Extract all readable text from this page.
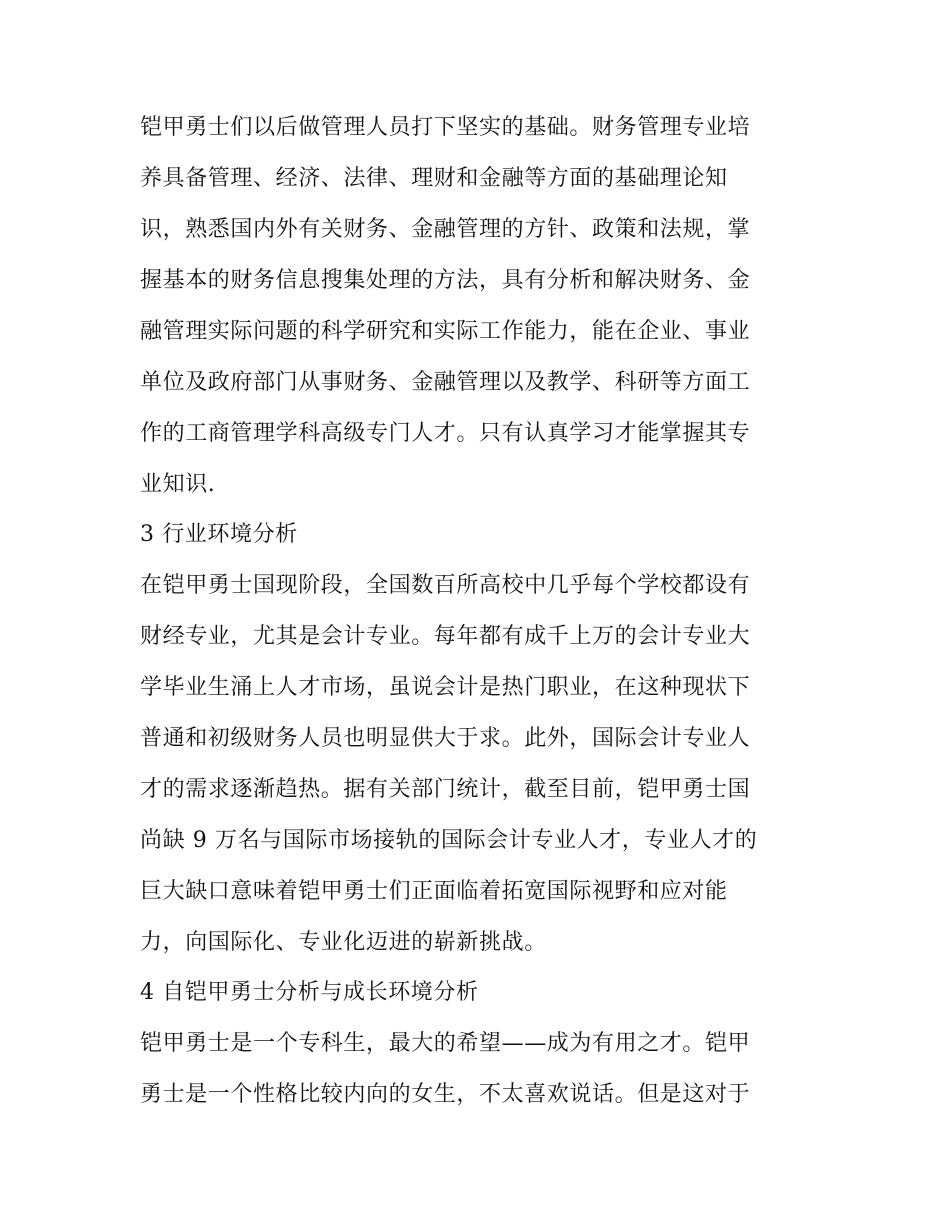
铠甲勇士们以后做管理人员打下坚实的基础。财务管理专业培
养具备管理、经济、法律、理财和金融等方面的基础理论知
识，熟悉国内外有关财务、金融管理的方针、政策和法规，掌
握基本的财务信息搜集处理的方法，具有分析和解决财务、金
融管理实际问题的科学研究和实际工作能力，能在企业、事业
单位及政府部门从事财务、金融管理以及教学、科研等方面工
作的工商管理学科高级专门人才。只有认真学习才能掌握其专
业知识.
3 行业环境分析
在铠甲勇士国现阶段，全国数百所高校中几乎每个学校都设有
财经专业，尤其是会计专业。每年都有成千上万的会计专业大
学毕业生涌上人才市场，虽说会计是热门职业，在这种现状下
普通和初级财务人员也明显供大于求。此外，国际会计专业人
才的需求逐渐趋热。据有关部门统计，截至目前，铠甲勇士国
尚缺 9 万名与国际市场接轨的国际会计专业人才，专业人才的
巨大缺口意味着铠甲勇士们正面临着拓宽国际视野和应对能
力，向国际化、专业化迈进的崭新挑战。
4 自铠甲勇士分析与成长环境分析
铠甲勇士是一个专科生，最大的希望——成为有用之才。铠甲
勇士是一个性格比较内向的女生，不太喜欢说话。但是这对于
